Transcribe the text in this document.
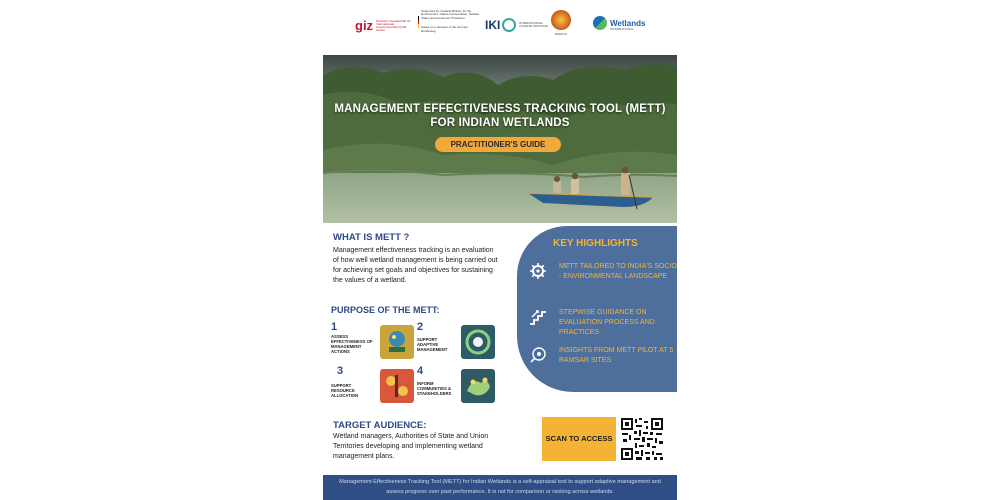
giz Deutsche Gesellschaft für Internationale Zusammenarbeit (GIZ) GmbH
Supported by: Federal Ministry for the Environment, Nature Conservation, Nuclear Safety and Consumer Protection
based on a decision of the German Bundestag	IKI	INTERNATIONAL CLIMATE INITIATIVE
MoEFCC
Wetlands
INTERNATIONAL
MANAGEMENT EFFECTIVENESS TRACKING TOOL (METT)
FOR INDIAN WETLANDS
PRACTITIONER'S GUIDE
WHAT IS METT ?
Management effectiveness tracking is an evaluation of how well wetland management is being carried out for achieving set goals and objectives for sustaining the values of a wetland.
PURPOSE OF THE METT:
1
ASSESS EFFECTIVENESS OF MANAGEMENT ACTIONS
2
SUPPORT ADAPTIVE MANAGEMENT
3
SUPPORT RESOURCE ALLOCATION
4
INFORM COMMUNITIES & STAKEHOLDERS
KEY HIGHLIGHTS
METT TAILORED TO INDIA'S SOCIO - ENVIRONMENTAL LANDSCAPE
STEPWISE GUIDANCE ON EVALUATION PROCESS AND PRACTICES
INSIGHTS FROM METT PILOT AT 5 RAMSAR SITES
TARGET AUDIENCE:
Wetland managers, Authorities of State and Union Territories developing and implementing wetland management plans.
SCAN TO ACCESS
Management Effectiveness Tracking Tool (METT) for Indian Wetlands is a self-appraisal tool to support adaptive management and assess progress over past performance. It is not for comparison or ranking across wetlands.
